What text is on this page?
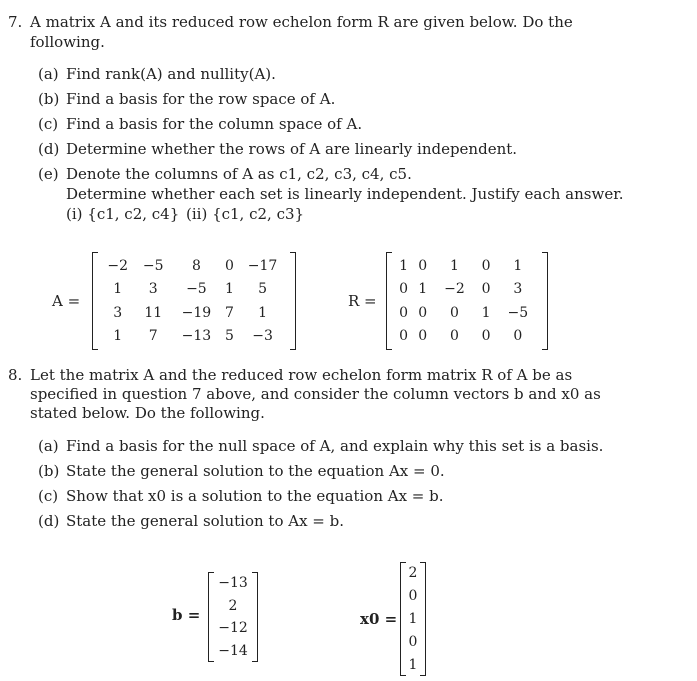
7. A matrix A and its reduced row echelon form R are given below. Do the
following.
(a) Find rank(A) and nullity(A).
(b) Find a basis for the row space of A.
(c) Find a basis for the column space of A.
(d) Determine whether the rows of A are linearly independent.
(e) Denote the columns of A as c1, c2, c3, c4, c5.
Determine whether each set is linearly independent. Justify each answer.
(i) {c1, c2, c4} (ii) {c1, c2, c3}
A =
−2	−5	8	0	−17
1	3	−5	1	5
3	11	−19	7	1
1	7	−13	5	−3
R =
1	0	1	0	1
0	1	−2	0	3
0	0	0	1	−5
0	0	0	0	0
8. Let the matrix A and the reduced row echelon form matrix R of A be as
specified in question 7 above, and consider the column vectors b and x0 as
stated below. Do the following.
(a) Find a basis for the null space of A, and explain why this set is a basis.
(b) State the general solution to the equation Ax = 0.
(c) Show that x0 is a solution to the equation Ax = b.
(d) State the general solution to Ax = b.
b =
−13
2
−12
−14
x0 =
2
0
1
0
1
